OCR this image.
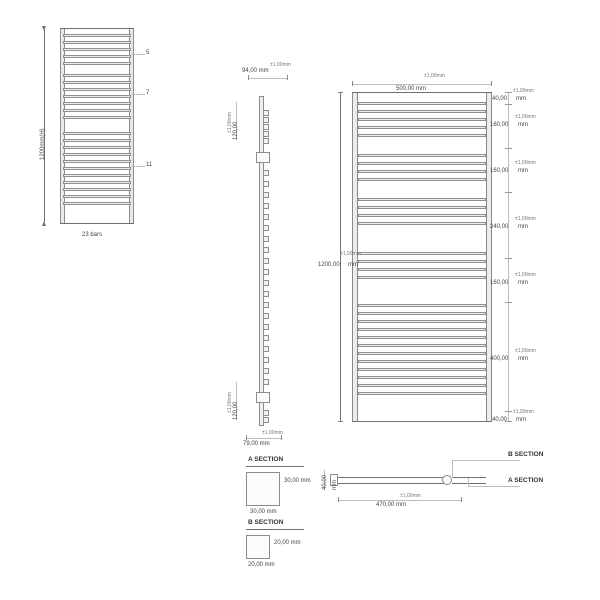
5
7
11
1200mm(H)
23 bars
94,00 mm
±1,00mm
120,00
±1,00mm
120,00
±1,00mm
79,00 mm
±1,00mm
500,00 mm
±1,00mm
1200,00 mm
±1,00mm
40,00 mm
±1,00mm
160,00 mm
±1,00mm
160,00 mm
±1,00mm
240,00 mm
±1,00mm
160,00 mm
±1,00mm
400,00 mm
±1,00mm
40,00 mm
±1,00mm
A SECTION
30,00 mm
30,00 mm
B SECTION
20,00 mm
20,00 mm
B SECTION
A SECTION
40,00 mm
470,00 mm
±1,00mm
